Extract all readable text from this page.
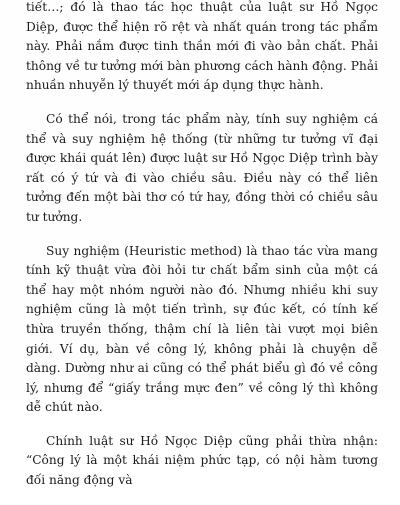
tiết…; đó là thao tác học thuật của luật sư Hồ Ngọc Diệp, được thể hiện rõ rệt và nhất quán trong tác phẩm này. Phải nắm được tinh thần mới đi vào bản chất. Phải thông về tư tưởng mới bàn phương cách hành động. Phải nhuần nhuyễn lý thuyết mới áp dụng thực hành.

Có thể nói, trong tác phẩm này, tính suy nghiệm cá thể và suy nghiệm hệ thống (từ những tư tưởng vĩ đại được khái quát lên) được luật sư Hồ Ngọc Diệp trình bày rất có ý tứ và đi vào chiều sâu. Điều này có thể liên tưởng đến một bài thơ có tứ hay, đồng thời có chiều sâu tư tưởng.

Suy nghiệm (Heuristic method) là thao tác vừa mang tính kỹ thuật vừa đòi hỏi tư chất bẩm sinh của một cá thể hay một nhóm người nào đó. Nhưng nhiều khi suy nghiệm cũng là một tiến trình, sự đúc kết, có tính kế thừa truyền thống, thậm chí là liên tài vượt mọi biên giới. Ví dụ, bàn về công lý, không phải là chuyện dễ dàng. Dường như ai cũng có thể phát biểu gì đó về công lý, nhưng để “giấy trắng mực đen” về công lý thì không dễ chút nào.

Chính luật sư Hồ Ngọc Diệp cũng phải thừa nhận: “Công lý là một khái niệm phức tạp, có nội hàm tương đối năng động và
